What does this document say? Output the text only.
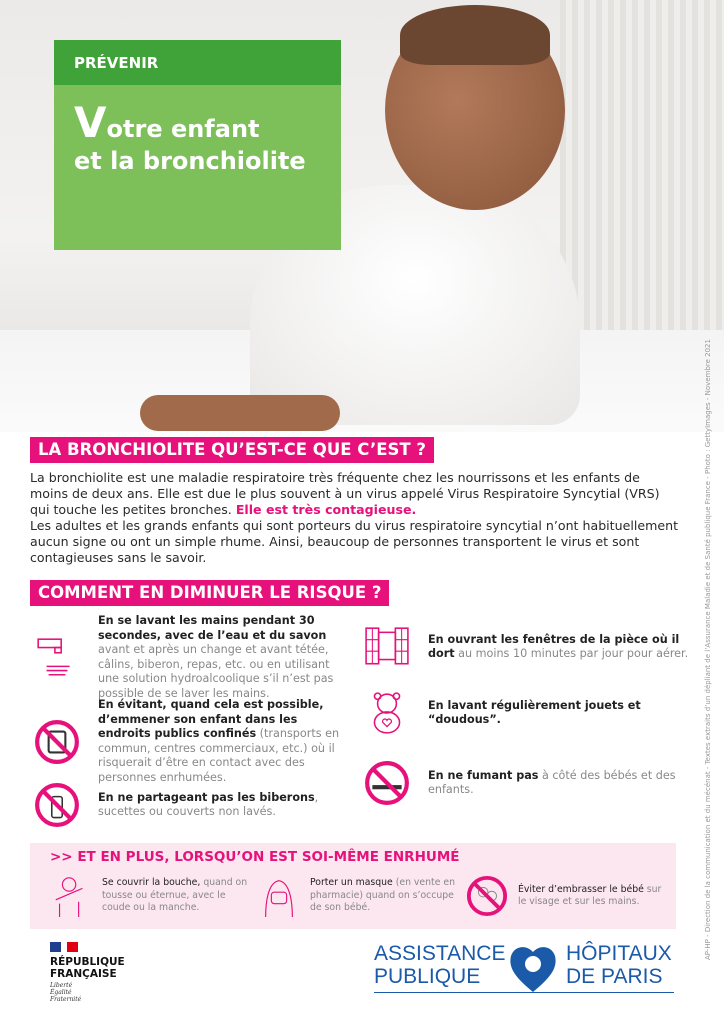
PRÉVENIR
Votre enfant
et la bronchiolite
LA BRONCHIOLITE QU’EST-CE QUE C’EST ?
La bronchiolite est une maladie respiratoire très fréquente chez les nourrissons et les enfants de moins de deux ans. Elle est due le plus souvent à un virus appelé Virus Respiratoire Syncytial (VRS) qui touche les petites bronches. Elle est très contagieuse.
Les adultes et les grands enfants qui sont porteurs du virus respiratoire syncytial n’ont habituellement aucun signe ou ont un simple rhume. Ainsi, beaucoup de personnes transportent le virus et sont contagieuses sans le savoir.
COMMENT EN DIMINUER LE RISQUE ?
En se lavant les mains pendant 30 secondes, avec de l’eau et du savon avant et après un change et avant tétée, câlins, biberon, repas, etc. ou en utilisant une solution hydroalcoolique s’il n’est pas possible de se laver les mains.
En évitant, quand cela est possible, d’emmener son enfant dans les endroits publics confinés (transports en commun, centres commerciaux, etc.) où il risquerait d’être en contact avec des personnes enrhumées.
En ne partageant pas les biberons, sucettes ou couverts non lavés.
En ouvrant les fenêtres de la pièce où il dort au moins 10 minutes par jour pour aérer.
En lavant régulièrement jouets et “doudous”.
En ne fumant pas à côté des bébés et des enfants.
>> ET EN PLUS, LORSQU’ON EST SOI-MÊME ENRHUMÉ
Se couvrir la bouche, quand on tousse ou éternue, avec le coude ou la manche.
Porter un masque (en vente en pharmacie) quand on s’occupe de son bébé.
Éviter d’embrasser le bébé sur le visage et sur les mains.
RÉPUBLIQUE
FRANÇAISE
Liberté
Égalité
Fraternité
ASSISTANCE
PUBLIQUE
HÔPITAUX
DE PARIS
AP-HP - Direction de la communication et du mécénat - Textes extraits d’un dépliant de l’Assurance Maladie et de Santé publique France - Photo : GettyImages - Novembre 2021
